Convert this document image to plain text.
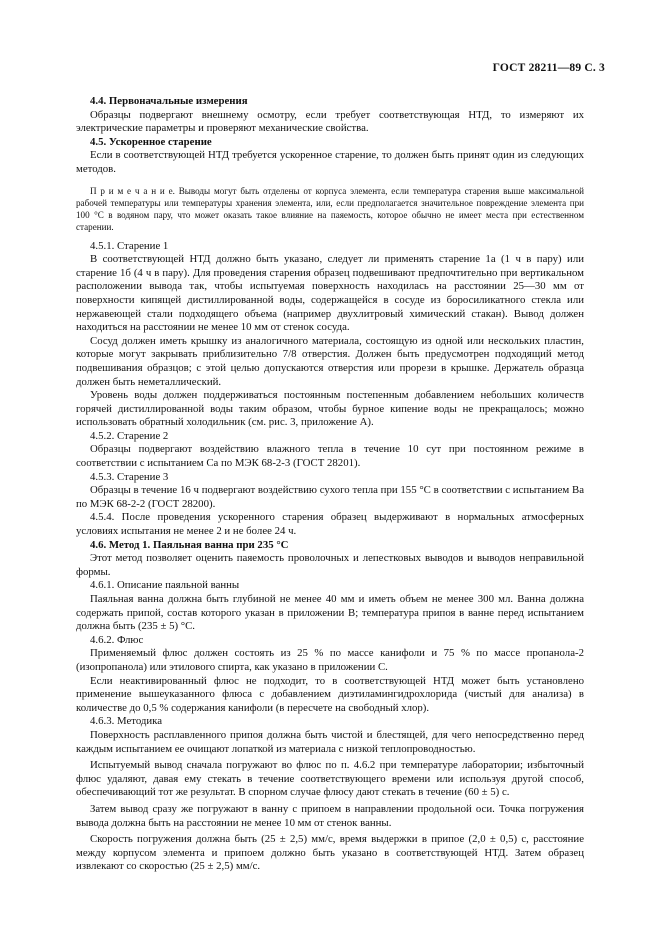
ГОСТ 28211—89 С. 3

4.4. Первоначальные измерения

Образцы подвергают внешнему осмотру, если требует соответствующая НТД, то измеряют их электрические параметры и проверяют механические свойства.

4.5. Ускоренное старение

Если в соответствующей НТД требуется ускоренное старение, то должен быть принят один из следующих методов.

П р и м е ч а н и е. Выводы могут быть отделены от корпуса элемента, если температура старения выше максимальной рабочей температуры или температуры хранения элемента, или, если предполагается значительное повреждение элемента при 100 °С в водяном пару, что может оказать такое влияние на паяемость, которое обычно не имеет места при естественном старении.

4.5.1. Старение 1

В соответствующей НТД должно быть указано, следует ли применять старение 1а (1 ч в пару) или старение 1б (4 ч в пару). Для проведения старения образец подвешивают предпочтительно при вертикальном расположении вывода так, чтобы испытуемая поверхность находилась на расстоянии 25—30 мм от поверхности кипящей дистиллированной воды, содержащейся в сосуде из боросиликатного стекла или нержавеющей стали подходящего объема (например двухлитровый химический стакан). Вывод должен находиться на расстоянии не менее 10 мм от стенок сосуда.

Сосуд должен иметь крышку из аналогичного материала, состоящую из одной или нескольких пластин, которые могут закрывать приблизительно 7/8 отверстия. Должен быть предусмотрен подходящий метод подвешивания образцов; с этой целью допускаются отверстия или прорези в крышке. Держатель образца должен быть неметаллический.

Уровень воды должен поддерживаться постоянным постепенным добавлением небольших количеств горячей дистиллированной воды таким образом, чтобы бурное кипение воды не прекращалось; можно использовать обратный холодильник (см. рис. 3, приложение А).

4.5.2. Старение 2

Образцы подвергают воздействию влажного тепла в течение 10 сут при постоянном режиме в соответствии с испытанием Са по МЭК 68-2-3 (ГОСТ 28201).

4.5.3. Старение 3

Образцы в течение 16 ч подвергают воздействию сухого тепла при 155 °С в соответствии с испытанием Ва по МЭК 68-2-2 (ГОСТ 28200).

4.5.4. После проведения ускоренного старения образец выдерживают в нормальных атмосферных условиях испытания не менее 2 и не более 24 ч.

4.6. Метод 1. Паяльная ванна при 235 °С

Этот метод позволяет оценить паяемость проволочных и лепестковых выводов и выводов неправильной формы.

4.6.1. Описание паяльной ванны

Паяльная ванна должна быть глубиной не менее 40 мм и иметь объем не менее 300 мл. Ванна должна содержать припой, состав которого указан в приложении В; температура припоя в ванне перед испытанием должна быть (235 ± 5) °С.

4.6.2. Флюс

Применяемый флюс должен состоять из 25 % по массе канифоли и 75 % по массе пропанола-2 (изопропанола) или этилового спирта, как указано в приложении С.

Если неактивированный флюс не подходит, то в соответствующей НТД может быть установлено применение вышеуказанного флюса с добавлением диэтиламингидрохлорида (чистый для анализа) в количестве до 0,5 % содержания канифоли (в пересчете на свободный хлор).

4.6.3. Методика

Поверхность расплавленного припоя должна быть чистой и блестящей, для чего непосредственно перед каждым испытанием ее очищают лопаткой из материала с низкой теплопроводностью.

Испытуемый вывод сначала погружают во флюс по п. 4.6.2 при температуре лаборатории; избыточный флюс удаляют, давая ему стекать в течение соответствующего времени или используя другой способ, обеспечивающий тот же результат. В спорном случае флюсу дают стекать в течение (60 ± 5) с.

Затем вывод сразу же погружают в ванну с припоем в направлении продольной оси. Точка погружения вывода должна быть на расстоянии не менее 10 мм от стенок ванны.

Скорость погружения должна быть (25 ± 2,5) мм/с, время выдержки в припое (2,0 ± 0,5) с, расстояние между корпусом элемента и припоем должно быть указано в соответствующей НТД. Затем образец извлекают со скоростью (25 ± 2,5) мм/с.
